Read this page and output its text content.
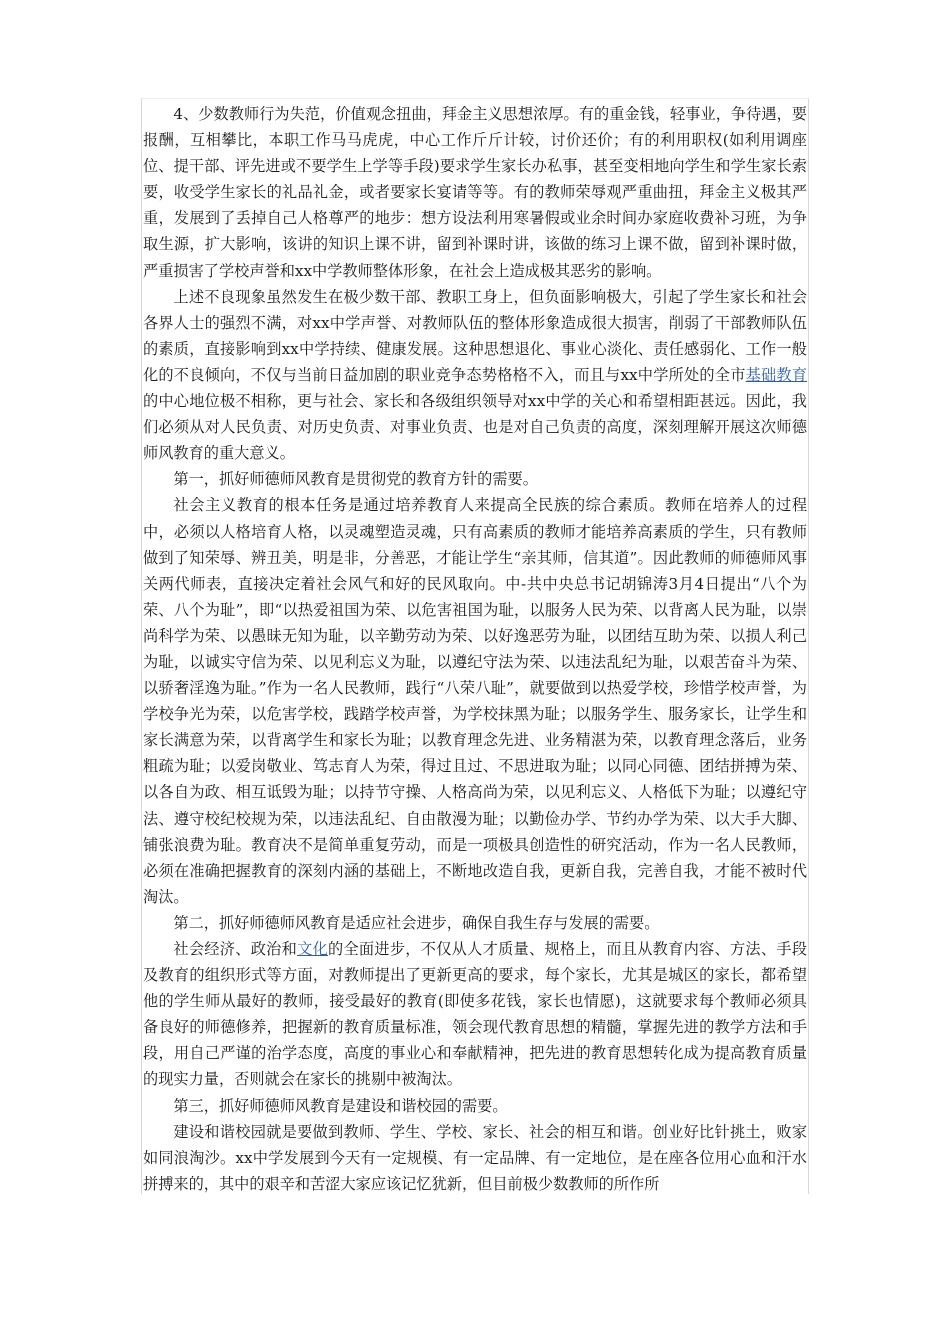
4、少数教师行为失范，价值观念扭曲，拜金主义思想浓厚。有的重金钱，轻事业，争待遇，要报酬，互相攀比，本职工作马马虎虎，中心工作斤斤计较，讨价还价；有的利用职权(如利用调座位、提干部、评先进或不要学生上学等手段)要求学生家长办私事，甚至变相地向学生和学生家长索要，收受学生家长的礼品礼金，或者要家长宴请等等。有的教师荣辱观严重曲扭，拜金主义极其严重，发展到了丢掉自己人格尊严的地步：想方设法利用寒暑假或业余时间办家庭收费补习班，为争取生源，扩大影响，该讲的知识上课不讲，留到补课时讲，该做的练习上课不做，留到补课时做，严重损害了学校声誉和xx中学教师整体形象，在社会上造成极其恶劣的影响。

上述不良现象虽然发生在极少数干部、教职工身上，但负面影响极大，引起了学生家长和社会各界人士的强烈不满，对xx中学声誉、对教师队伍的整体形象造成很大损害，削弱了干部教师队伍的素质，直接影响到xx中学持续、健康发展。这种思想退化、事业心淡化、责任感弱化、工作一般化的不良倾向，不仅与当前日益加剧的职业竞争态势格格不入，而且与xx中学所处的全市基础教育的中心地位极不相称，更与社会、家长和各级组织领导对xx中学的关心和希望相距甚远。因此，我们必须从对人民负责、对历史负责、对事业负责、也是对自己负责的高度，深刻理解开展这次师德师风教育的重大意义。

第一，抓好师德师风教育是贯彻党的教育方针的需要。

社会主义教育的根本任务是通过培养教育人来提高全民族的综合素质。教师在培养人的过程中，必须以人格培育人格，以灵魂塑造灵魂，只有高素质的教师才能培养高素质的学生，只有教师做到了知荣辱、辨丑美，明是非，分善恶，才能让学生“亲其师，信其道”。因此教师的师德师风事关两代师表，直接决定着社会风气和好的民风取向。中-共中央总书记胡锦涛3月4日提出“八个为荣、八个为耻”，即“以热爱祖国为荣、以危害祖国为耻，以服务人民为荣、以背离人民为耻，以崇尚科学为荣、以愚昧无知为耻，以辛勤劳动为荣、以好逸恶劳为耻，以团结互助为荣、以损人利己为耻，以诚实守信为荣、以见利忘义为耻，以遵纪守法为荣、以违法乱纪为耻，以艰苦奋斗为荣、以骄奢淫逸为耻。”作为一名人民教师，践行“八荣八耻”，就要做到以热爱学校，珍惜学校声誉，为学校争光为荣，以危害学校，践踏学校声誉，为学校抹黑为耻；以服务学生、服务家长，让学生和家长满意为荣，以背离学生和家长为耻；以教育理念先进、业务精湛为荣，以教育理念落后，业务粗疏为耻；以爱岗敬业、笃志育人为荣，得过且过、不思进取为耻；以同心同德、团结拼搏为荣、以各自为政、相互诋毁为耻；以持节守操、人格高尚为荣，以见利忘义、人格低下为耻；以遵纪守法、遵守校纪校规为荣，以违法乱纪、自由散漫为耻；以勤俭办学、节约办学为荣、以大手大脚、铺张浪费为耻。教育决不是简单重复劳动，而是一项极具创造性的研究活动，作为一名人民教师，必须在准确把握教育的深刻内涵的基础上，不断地改造自我，更新自我，完善自我，才能不被时代淘汰。

第二，抓好师德师风教育是适应社会进步，确保自我生存与发展的需要。

社会经济、政治和文化的全面进步，不仅从人才质量、规格上，而且从教育内容、方法、手段及教育的组织形式等方面，对教师提出了更新更高的要求，每个家长，尤其是城区的家长，都希望他的学生师从最好的教师，接受最好的教育(即使多花钱，家长也情愿)，这就要求每个教师必须具备良好的师德修养，把握新的教育质量标准，领会现代教育思想的精髓，掌握先进的教学方法和手段，用自己严谨的治学态度，高度的事业心和奉献精神，把先进的教育思想转化成为提高教育质量的现实力量，否则就会在家长的挑剔中被淘汰。

第三，抓好师德师风教育是建设和谐校园的需要。

建设和谐校园就是要做到教师、学生、学校、家长、社会的相互和谐。创业好比针挑土，败家如同浪淘沙。xx中学发展到今天有一定规模、有一定品牌、有一定地位，是在座各位用心血和汗水拼搏来的，其中的艰辛和苦涩大家应该记忆犹新，但目前极少数教师的所作所
